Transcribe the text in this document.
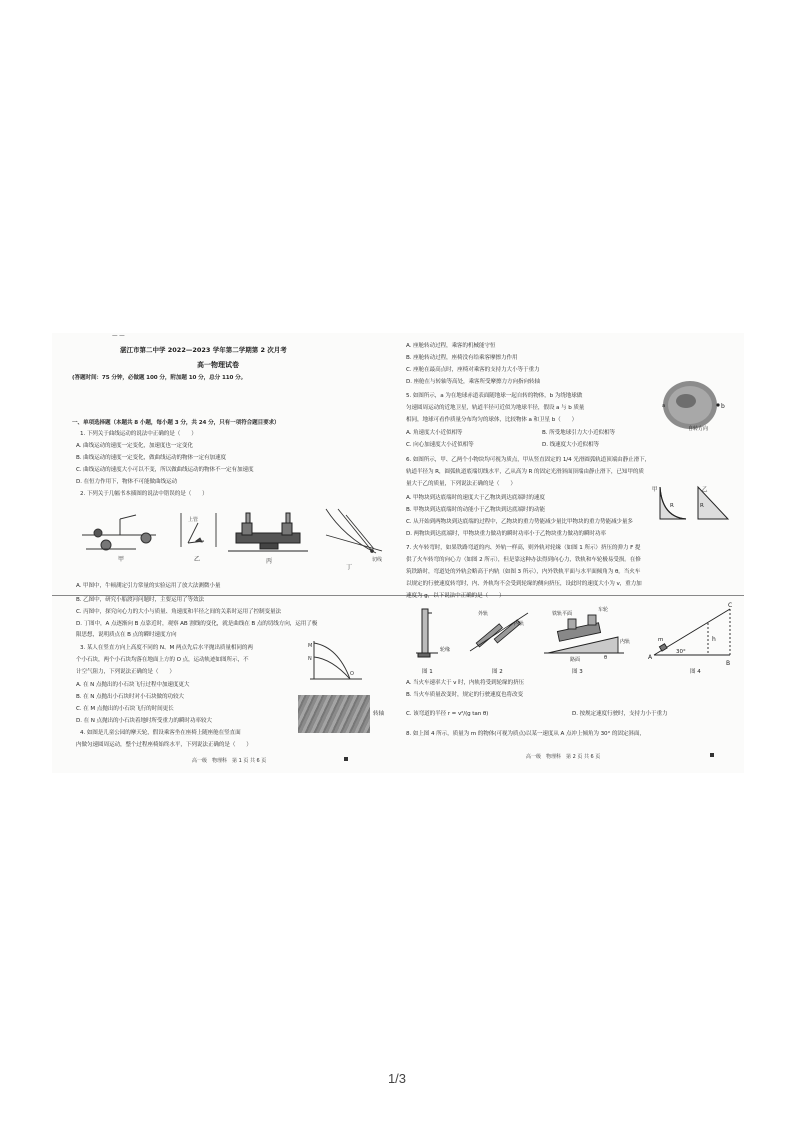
— —
湛江市第二中学 2022—2023 学年第二学期第 2 次月考
高一物理试卷
(答题时间：75 分钟，必做题 100 分，附加题 10 分，总分 110 分。
一、单项选择题（本题共 8 小题，每小题 3 分，共 24 分，只有一项符合题目要求）
1. 下列关于曲线运动的说法中正确的是（　　）
A. 曲线运动的速度一定变化，加速度也一定变化
B. 曲线运动的速度一定变化，做曲线运动的物体一定有加速度
C. 曲线运动的速度大小可以不变，所以做曲线运动的物体不一定有加速度
D. 在恒力作用下，物体不可能做曲线运动
2. 下列关于几幅书本插图的说法中错误的是（　　）
甲
上管
乙	丙	切线
丁
A. 甲图中，牛顿測定引力常量的实验运用了放大法测微小量
B. 乙图中，研究小船渡河问题时，主要运用了等效法
C. 丙图中，探究向心力的大小与质量、角速度和半径之间的关系时运用了控制变量法
D. 丁图中，A 点逐渐向 B 点靠近时，观察 AB 割线的变化，就是曲线在 B 点的切线方向，运用了极
限思想，说明质点在 B 点的瞬时速度方向
3. 某人在竖直方向上高度不同的 N、M 两点先后水平抛出质量相同的两
个小石块，两个小石块均落在地面上方的 O 点，运动轨迹如图所示，不
计空气阻力，下列说法正确的是（　　）
M
N
O
A. 在 N 点抛出的小石块飞行过程中加速度更大
B. 在 N 点抛出小石块时对小石块做的功较大
C. 在 M 点抛出的小石块飞行的时间更长
D. 在 N 点抛出的小石块着地时所受重力的瞬时功率较大
转轴
4. 如图是儿童公园的摩天轮，假设乘客坐在座椅上随座舱在竖直面
内做匀速圆周运动，整个过程座椅始终水平，下列说法正确的是（　　）
高一级　物理科　第 1 页 共 6 页
A. 座舱转动过程，乘客的机械能守恒
B. 座舱转动过程，座椅没有给乘客摩擦力作用
C. 座舱在最高点时，座椅对乘客的支持力大小等于重力
D. 座舱在与转轴等高处，乘客所受摩擦力方向指向转轴
5. 如图所示，a 为在地球赤道表面随地球一起自转的物体，b 为绕地球做
匀速圆周运动的近地卫星，轨道半径可近似为地球半径，假设 a 与 b 质量
相同，地球可看作质量分布均匀的球体，比较物体 a 和卫星 b（　　）
b
a
自转方向
A. 角速度大小近似相等	B. 所受地球引力大小近似相等
C. 向心加速度大小近似相等	D. 线速度大小近似相等
6. 如图所示，甲、乙两个小物块均可视为质点，甲从竖直固定的 1/4 光滑圆弧轨道顶端由静止滑下，
轨道半径为 R，圆弧轨道底端切线水平，乙从高为 R 的固定光滑斜面顶端由静止滑下，已知甲的质
量大于乙的质量，下列说法正确的是（　　）
甲	乙
R	R
A. 甲物块到达底端时的速度大于乙物块到达底端时的速度
B. 甲物块到达底端时的动能小于乙物块到达底端时的动能
C. 从开始到两物块到达底端的过程中，乙物块的重力势能减少量比甲物块的重力势能减少量多
D. 两物块到达底端时，甲物块重力做功的瞬时功率小于乙物块重力做功的瞬时功率
7. 火车转弯时，如果铁路弯道的内、外轨一样高，则外轨对轮缘（如图 1 所示）挤压的弹力 F 提
供了火车转弯的向心力（如图 2 所示），但是靠这种办法得到向心力，铁轨和车轮极易受损。在修
筑铁路时，弯道处的外轨会略高于内轨（如图 3 所示），内外铁轨平面与水平面倾角为 θ。当火车
以规定的行驶速度转弯时，内、外轨均不会受到轮缘的侧向挤压，设此时的速度大小为 v，重力加
速度为 g，以下说法中正确的是（　　）
轮缘
图 1
外轨
内轨
图 2
铁轨平面
车轮
内轨
路面	θ
图 3
A
B
C
h
m
30°
图 4
A. 当火车速率大于 v 时，内轨将受到轮缘的挤压
B. 当火车质量改变时，规定的行驶速度也将改变
C. 该弯道的半径 r = v²/(g tan θ)	D. 按规定速度行驶时，支持力小于重力
8. 如上图 4 所示，质量为 m 的物体(可视为质点)以某一速度从 A 点冲上倾角为 30° 的固定斜面，
高一级　物理科　第 2 页 共 6 页
1/3
